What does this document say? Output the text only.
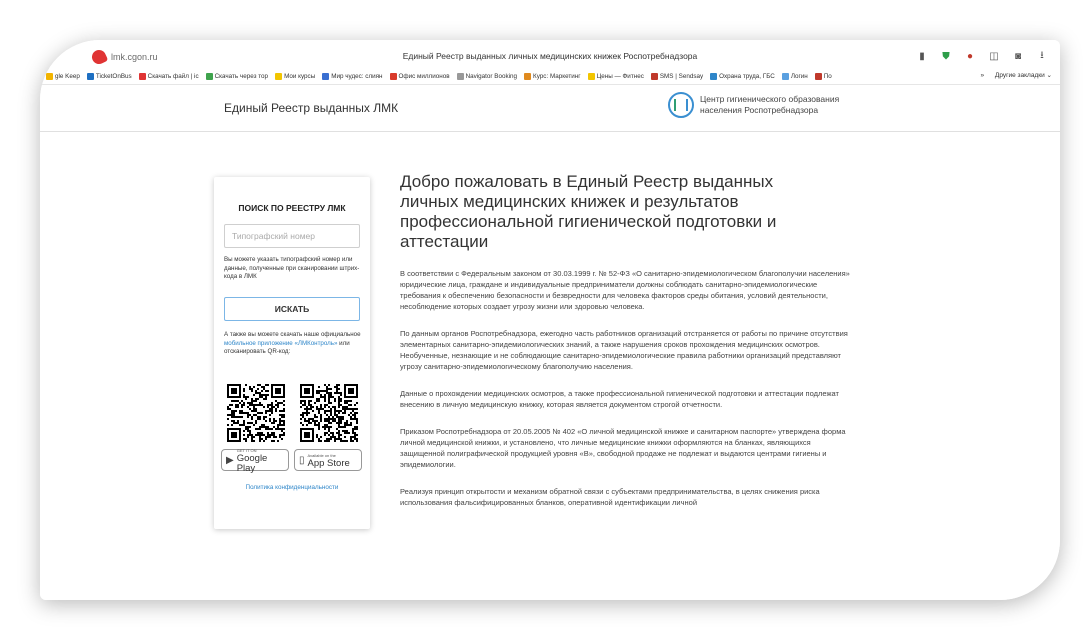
lmk.cgon.ru	Единый Реестр выданных личных медицинских книжек Роспотребнадзора	▮	⛊ ● ◫ ◙	⭳
gle Keep	TicketOnBus	Скачать файл | ic	Скачать через тор	Мои курсы	Мир чудес: слиян	Офис миллионов	Navigator Booking	Курс: Маркетинг	Цены — Фитнес	SMS | Sendsay	Охрана труда, ГБС	Логин	По	» Другие закладки ⌄
Единый Реестр выданных ЛМК
Центр гигиенического образования
населения Роспотребнадзора
ПОИСК ПО РЕЕСТРУ ЛМК
Типографский номер
Вы можете указать типографский номер или данные, полученные при сканировании штрих-кода в ЛМК
ИСКАТЬ
А также вы можете скачать наше официальное мобильное приложение «ЛМКонтроль» или отсканировать QR-код:
▶
GET IT ON
Google Play
▯ Available on the
App Store
Политика конфиденциальности
Добро пожаловать в Единый Реестр выданных личных медицинских книжек и результатов профессиональной гигиенической подготовки и аттестации

В соответствии с Федеральным законом от 30.03.1999 г. № 52-ФЗ «О санитарно-эпидемиологическом благополучии населения» юридические лица, граждане и индивидуальные предприниматели должны соблюдать санитарно-эпидемиологические требования к обеспечению безопасности и безвредности для человека факторов среды обитания, условий деятельности, несоблюдение которых создает угрозу жизни или здоровью человека.

По данным органов Роспотребнадзора, ежегодно часть работников организаций отстраняется от работы по причине отсутствия элементарных санитарно-эпидемиологических знаний, а также нарушения сроков прохождения медицинских осмотров. Необученные, незнающие и не соблюдающие санитарно-эпидемиологические правила работники организаций представляют угрозу санитарно-эпидемиологическому благополучию населения.

Данные о прохождении медицинских осмотров, а также профессиональной гигиенической подготовки и аттестации подлежат внесению в личную медицинскую книжку, которая является документом строгой отчетности.

Приказом Роспотребнадзора от 20.05.2005 № 402 «О личной медицинской книжке и санитарном паспорте» утверждена форма личной медицинской книжки, и установлено, что личные медицинские книжки оформляются на бланках, являющихся защищенной полиграфической продукцией уровня «В», свободной продаже не подлежат и выдаются центрами гигиены и эпидемиологии.

Реализуя принцип открытости и механизм обратной связи с субъектами предпринимательства, в целях снижения риска использования фальсифицированных бланков, оперативной идентификации личной
